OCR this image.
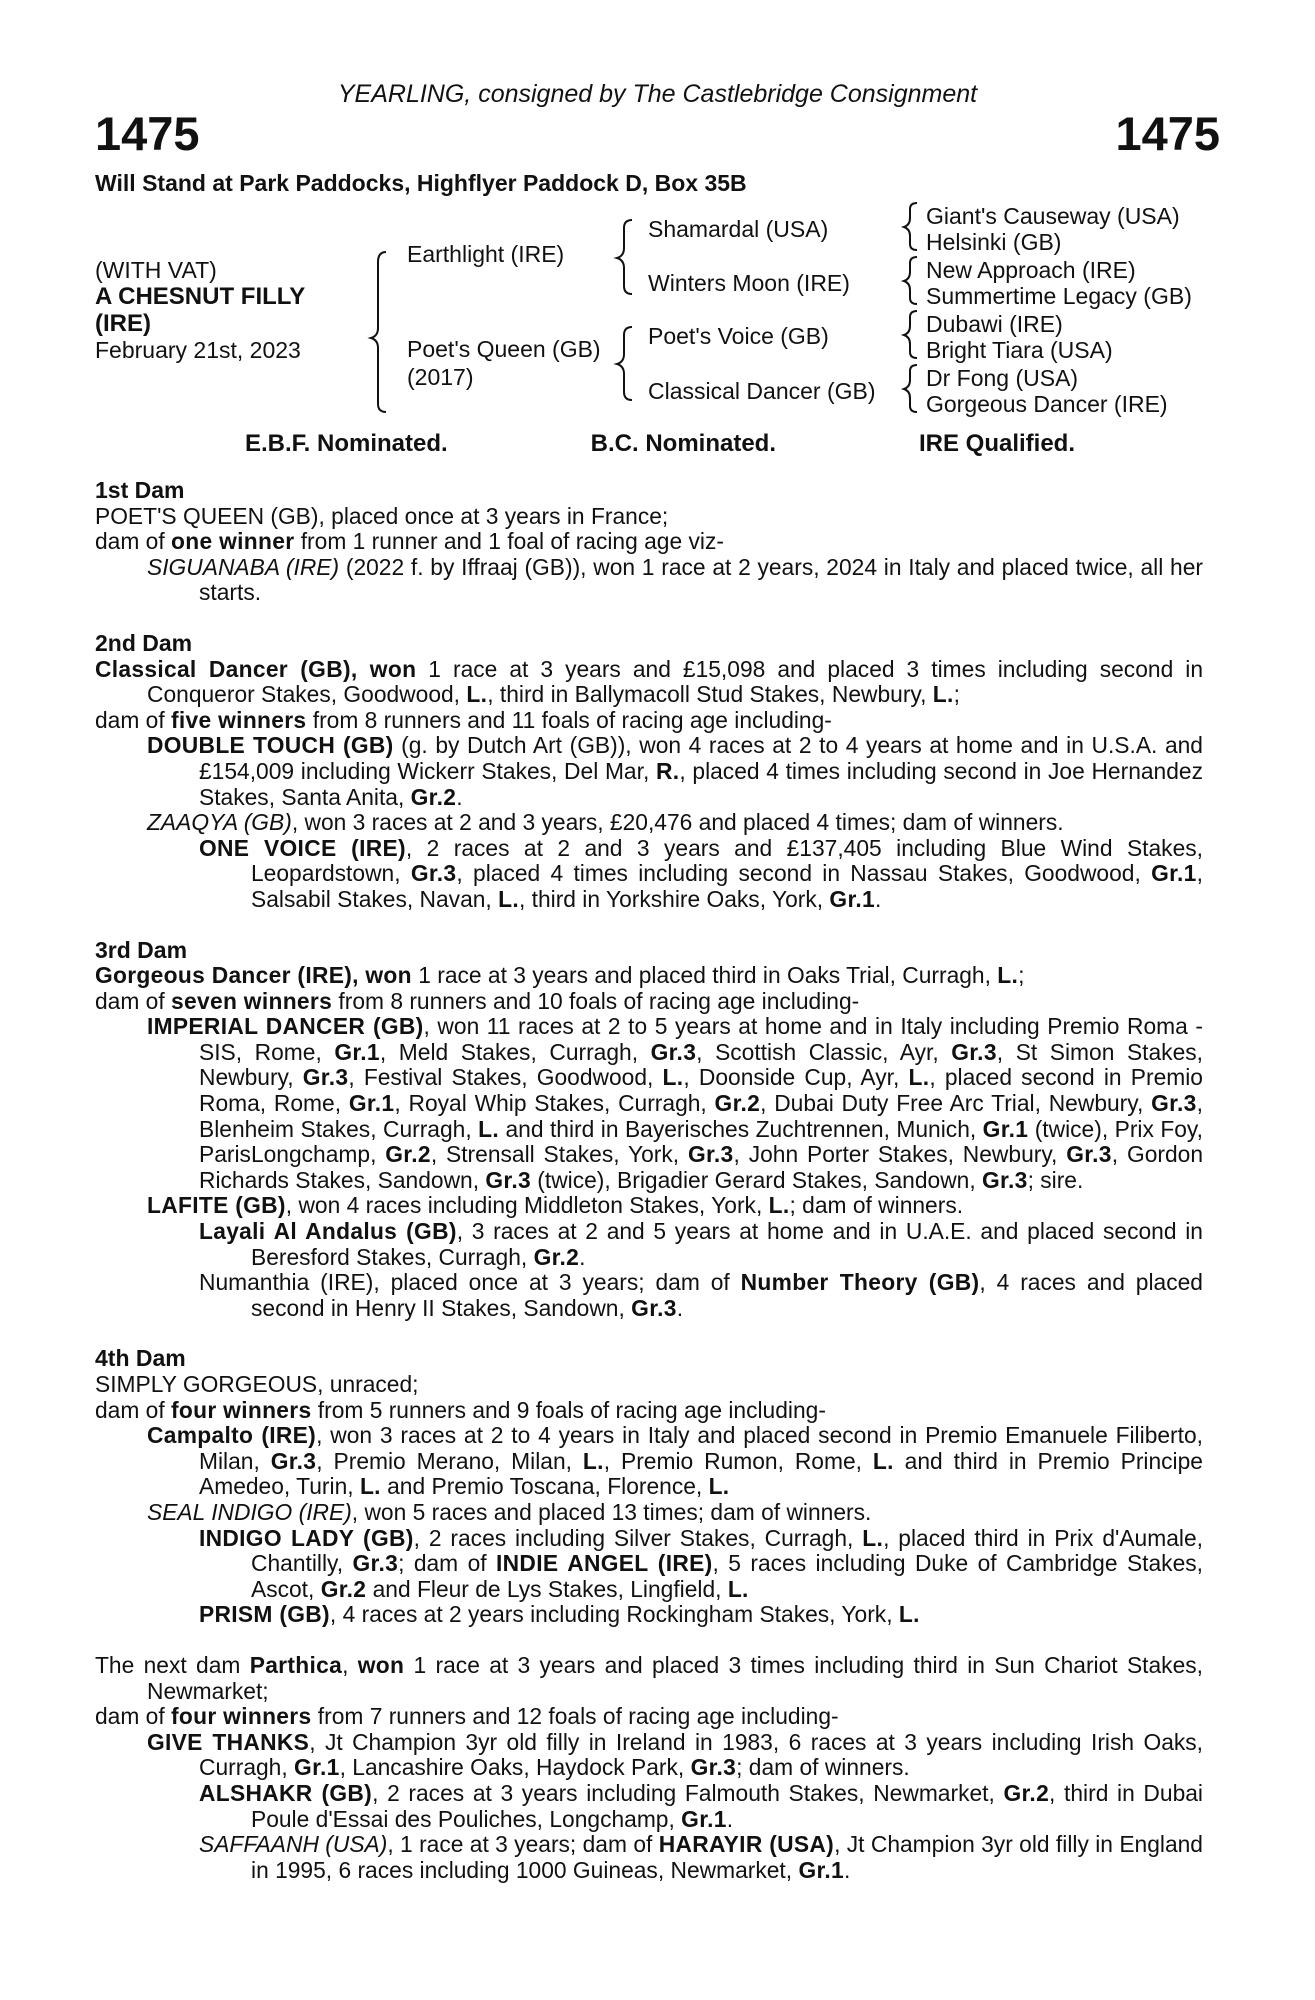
YEARLING, consigned by The Castlebridge Consignment
1475	1475
Will Stand at Park Paddocks, Highflyer Paddock D, Box 35B
(WITH VAT)
A CHESNUT FILLY
(IRE)
February 21st, 2023
Earthlight (IRE)
Poet's Queen (GB)
(2017)
Shamardal (USA)
Winters Moon (IRE)
Poet's Voice (GB)
Classical Dancer (GB)
Giant's Causeway (USA)
Helsinki (GB)
New Approach (IRE)
Summertime Legacy (GB)
Dubawi (IRE)
Bright Tiara (USA)
Dr Fong (USA)
Gorgeous Dancer (IRE)
E.B.F. Nominated.	B.C. Nominated.	IRE Qualified.
1st Dam
POET'S QUEEN (GB), placed once at 3 years in France;
dam of one winner from 1 runner and 1 foal of racing age viz-
SIGUANABA (IRE) (2022 f. by Iffraaj (GB)), won 1 race at 2 years, 2024 in Italy and placed twice, all her starts.
2nd Dam
Classical Dancer (GB), won 1 race at 3 years and £15,098 and placed 3 times including second in Conqueror Stakes, Goodwood, L., third in Ballymacoll Stud Stakes, Newbury, L.;
dam of five winners from 8 runners and 11 foals of racing age including-
DOUBLE TOUCH (GB) (g. by Dutch Art (GB)), won 4 races at 2 to 4 years at home and in U.S.A. and £154,009 including Wickerr Stakes, Del Mar, R., placed 4 times including second in Joe Hernandez Stakes, Santa Anita, Gr.2.
ZAAQYA (GB), won 3 races at 2 and 3 years, £20,476 and placed 4 times; dam of winners.
ONE VOICE (IRE), 2 races at 2 and 3 years and £137,405 including Blue Wind Stakes, Leopardstown, Gr.3, placed 4 times including second in Nassau Stakes, Goodwood, Gr.1, Salsabil Stakes, Navan, L., third in Yorkshire Oaks, York, Gr.1.
3rd Dam
Gorgeous Dancer (IRE), won 1 race at 3 years and placed third in Oaks Trial, Curragh, L.;
dam of seven winners from 8 runners and 10 foals of racing age including-
IMPERIAL DANCER (GB), won 11 races at 2 to 5 years at home and in Italy including Premio Roma - SIS, Rome, Gr.1, Meld Stakes, Curragh, Gr.3, Scottish Classic, Ayr, Gr.3, St Simon Stakes, Newbury, Gr.3, Festival Stakes, Goodwood, L., Doonside Cup, Ayr, L., placed second in Premio Roma, Rome, Gr.1, Royal Whip Stakes, Curragh, Gr.2, Dubai Duty Free Arc Trial, Newbury, Gr.3, Blenheim Stakes, Curragh, L. and third in Bayerisches Zuchtrennen, Munich, Gr.1 (twice), Prix Foy, ParisLongchamp, Gr.2, Strensall Stakes, York, Gr.3, John Porter Stakes, Newbury, Gr.3, Gordon Richards Stakes, Sandown, Gr.3 (twice), Brigadier Gerard Stakes, Sandown, Gr.3; sire.
LAFITE (GB), won 4 races including Middleton Stakes, York, L.; dam of winners.
Layali Al Andalus (GB), 3 races at 2 and 5 years at home and in U.A.E. and placed second in Beresford Stakes, Curragh, Gr.2.
Numanthia (IRE), placed once at 3 years; dam of Number Theory (GB), 4 races and placed second in Henry II Stakes, Sandown, Gr.3.
4th Dam
SIMPLY GORGEOUS, unraced;
dam of four winners from 5 runners and 9 foals of racing age including-
Campalto (IRE), won 3 races at 2 to 4 years in Italy and placed second in Premio Emanuele Filiberto, Milan, Gr.3, Premio Merano, Milan, L., Premio Rumon, Rome, L. and third in Premio Principe Amedeo, Turin, L. and Premio Toscana, Florence, L.
SEAL INDIGO (IRE), won 5 races and placed 13 times; dam of winners.
INDIGO LADY (GB), 2 races including Silver Stakes, Curragh, L., placed third in Prix d'Aumale, Chantilly, Gr.3; dam of INDIE ANGEL (IRE), 5 races including Duke of Cambridge Stakes, Ascot, Gr.2 and Fleur de Lys Stakes, Lingfield, L.
PRISM (GB), 4 races at 2 years including Rockingham Stakes, York, L.
The next dam Parthica, won 1 race at 3 years and placed 3 times including third in Sun Chariot Stakes, Newmarket;
dam of four winners from 7 runners and 12 foals of racing age including-
GIVE THANKS, Jt Champion 3yr old filly in Ireland in 1983, 6 races at 3 years including Irish Oaks, Curragh, Gr.1, Lancashire Oaks, Haydock Park, Gr.3; dam of winners.
ALSHAKR (GB), 2 races at 3 years including Falmouth Stakes, Newmarket, Gr.2, third in Dubai Poule d'Essai des Pouliches, Longchamp, Gr.1.
SAFFAANH (USA), 1 race at 3 years; dam of HARAYIR (USA), Jt Champion 3yr old filly in England in 1995, 6 races including 1000 Guineas, Newmarket, Gr.1.
